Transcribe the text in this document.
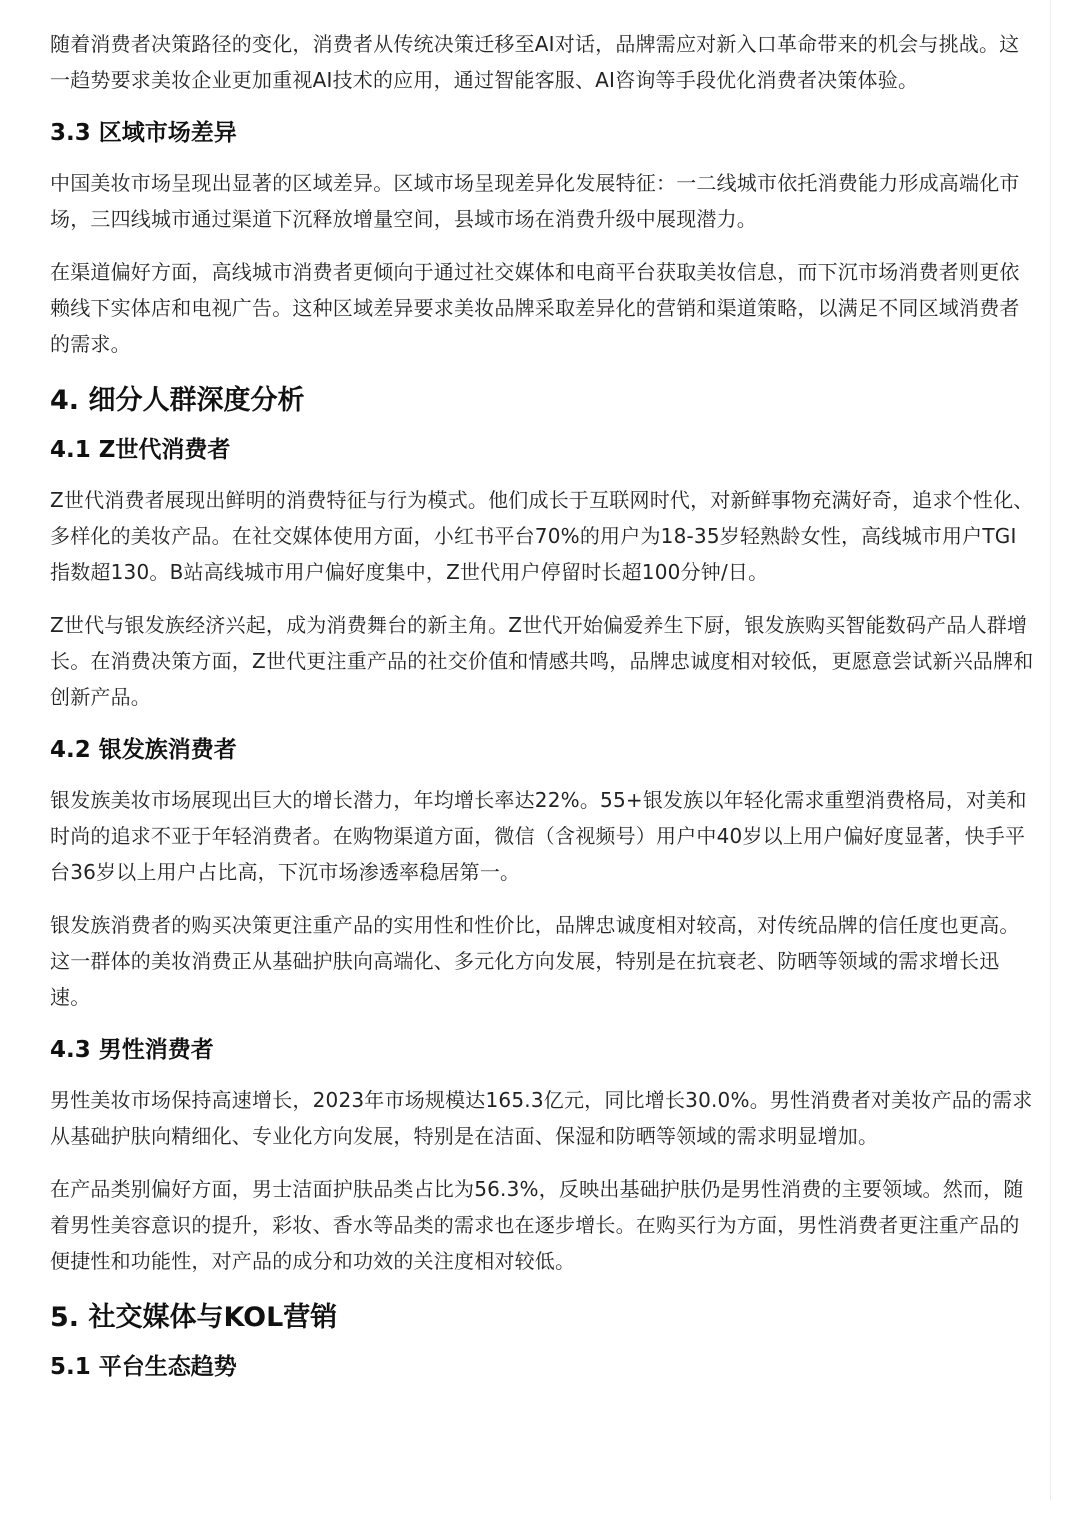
随着消费者决策路径的变化，消费者从传统决策迁移至AI对话，品牌需应对新入口革命带来的机会与挑战。这一趋势要求美妆企业更加重视AI技术的应用，通过智能客服、AI咨询等手段优化消费者决策体验。

3.3 区域市场差异

中国美妆市场呈现出显著的区域差异。区域市场呈现差异化发展特征：一二线城市依托消费能力形成高端化市场，三四线城市通过渠道下沉释放增量空间，县域市场在消费升级中展现潜力。

在渠道偏好方面，高线城市消费者更倾向于通过社交媒体和电商平台获取美妆信息，而下沉市场消费者则更依赖线下实体店和电视广告。这种区域差异要求美妆品牌采取差异化的营销和渠道策略，以满足不同区域消费者的需求。

4. 细分人群深度分析
4.1 Z世代消费者

Z世代消费者展现出鲜明的消费特征与行为模式。他们成长于互联网时代，对新鲜事物充满好奇，追求个性化、多样化的美妆产品。在社交媒体使用方面，小红书平台70%的用户为18-35岁轻熟龄女性，高线城市用户TGI指数超130。B站高线城市用户偏好度集中，Z世代用户停留时长超100分钟/日。

Z世代与银发族经济兴起，成为消费舞台的新主角。Z世代开始偏爱养生下厨，银发族购买智能数码产品人群增长。在消费决策方面，Z世代更注重产品的社交价值和情感共鸣，品牌忠诚度相对较低，更愿意尝试新兴品牌和创新产品。

4.2 银发族消费者

银发族美妆市场展现出巨大的增长潜力，年均增长率达22%。55+银发族以年轻化需求重塑消费格局，对美和时尚的追求不亚于年轻消费者。在购物渠道方面，微信（含视频号）用户中40岁以上用户偏好度显著，快手平台36岁以上用户占比高，下沉市场渗透率稳居第一。

银发族消费者的购买决策更注重产品的实用性和性价比，品牌忠诚度相对较高，对传统品牌的信任度也更高。这一群体的美妆消费正从基础护肤向高端化、多元化方向发展，特别是在抗衰老、防晒等领域的需求增长迅速。

4.3 男性消费者

男性美妆市场保持高速增长，2023年市场规模达165.3亿元，同比增长30.0%。男性消费者对美妆产品的需求从基础护肤向精细化、专业化方向发展，特别是在洁面、保湿和防晒等领域的需求明显增加。

在产品类别偏好方面，男士洁面护肤品类占比为56.3%，反映出基础护肤仍是男性消费的主要领域。然而，随着男性美容意识的提升，彩妆、香水等品类的需求也在逐步增长。在购买行为方面，男性消费者更注重产品的便捷性和功能性，对产品的成分和功效的关注度相对较低。

5. 社交媒体与KOL营销
5.1 平台生态趋势
